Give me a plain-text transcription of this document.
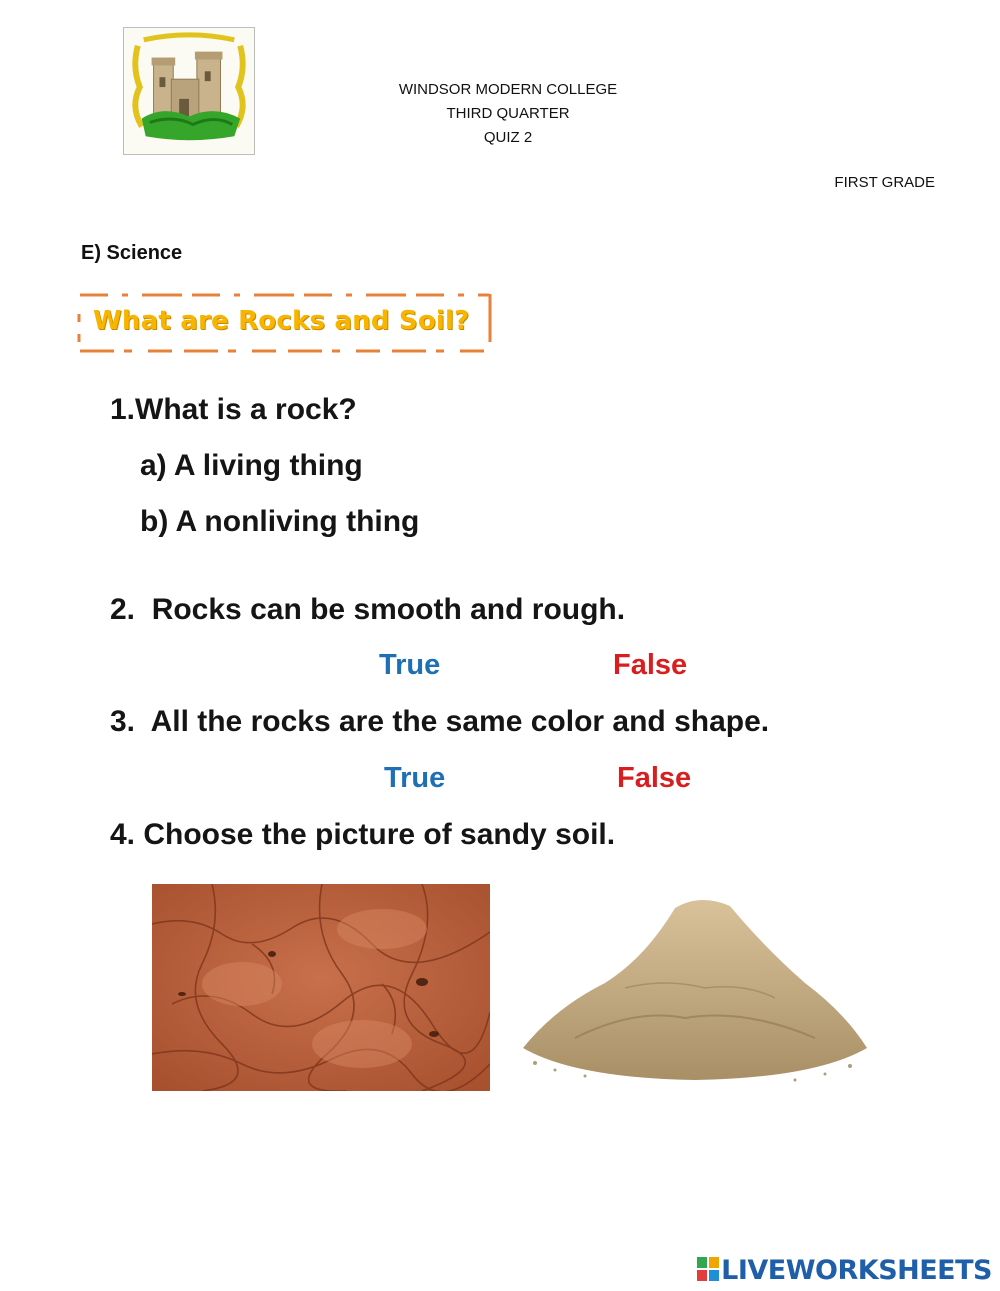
WINDSOR MODERN COLLEGE
THIRD QUARTER
QUIZ 2
FIRST GRADE
E) Science
What are Rocks and Soil?
1.What is a rock?
a) A living thing
b) A nonliving thing
2.  Rocks can be smooth and rough.
True	False
3.  All the rocks are the same color and shape.
True	False
4. Choose the picture of sandy soil.
LIVEWORKSHEETS
